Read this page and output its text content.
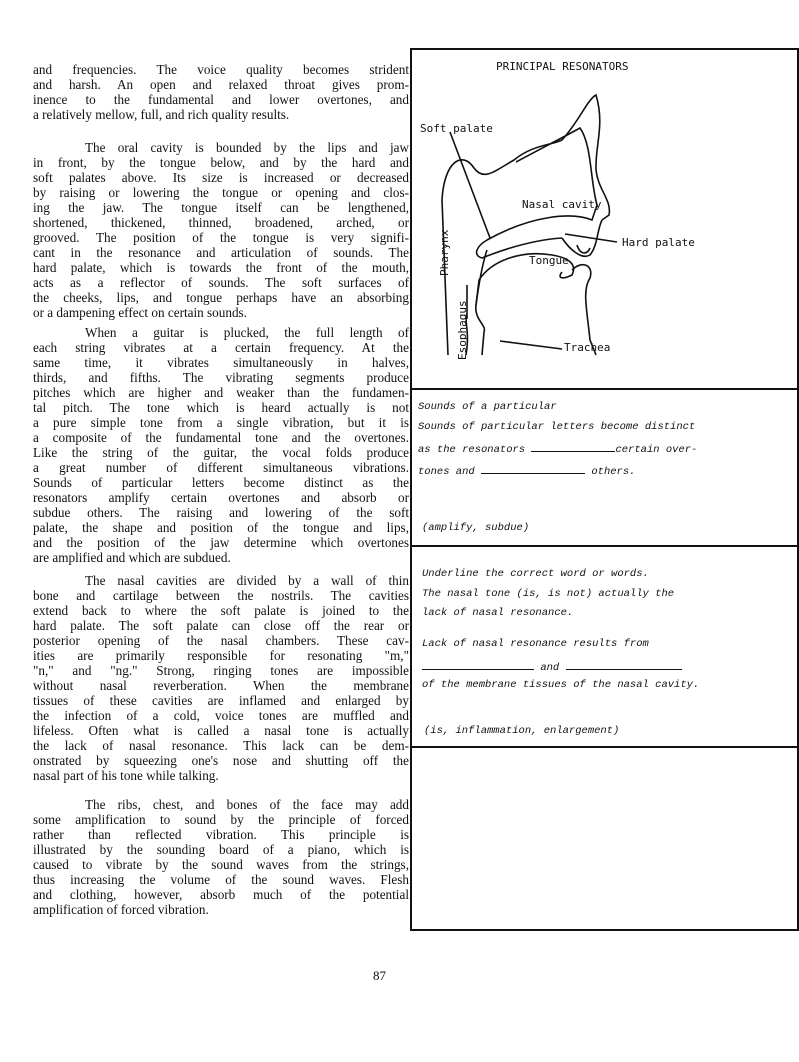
and frequencies. The voice quality becomes strident
and harsh. An open and relaxed throat gives prom-
inence to the fundamental and lower overtones, and
a relatively mellow, full, and rich quality results.
The oral cavity is bounded by the lips and jaw
in front, by the tongue below, and by the hard and
soft palates above. Its size is increased or decreased
by raising or lowering the tongue or opening and clos-
ing the jaw. The tongue itself can be lengthened,
shortened, thickened, thinned, broadened, arched, or
grooved. The position of the tongue is very signifi-
cant in the resonance and articulation of sounds. The
hard palate, which is towards the front of the mouth,
acts as a reflector of sounds. The soft surfaces of
the cheeks, lips, and tongue perhaps have an absorbing
or a dampening effect on certain sounds.
When a guitar is plucked, the full length of
each string vibrates at a certain frequency. At the
same time, it vibrates simultaneously in halves,
thirds, and fifths. The vibrating segments produce
pitches which are higher and weaker than the fundamen-
tal pitch. The tone which is heard actually is not
a pure simple tone from a single vibration, but it is
a composite of the fundamental tone and the overtones.
Like the string of the guitar, the vocal folds produce
a great number of different simultaneous vibrations.
Sounds of particular letters become distinct as the
resonators amplify certain overtones and absorb or
subdue others. The raising and lowering of the soft
palate, the shape and position of the tongue and lips,
and the position of the jaw determine which overtones
are amplified and which are subdued.
The nasal cavities are divided by a wall of thin
bone and cartilage between the nostrils. The cavities
extend back to where the soft palate is joined to the
hard palate. The soft palate can close off the rear or
posterior opening of the nasal chambers. These cav-
ities are primarily responsible for resonating "m,"
"n," and "ng." Strong, ringing tones are impossible
without nasal reverberation. When the membrane
tissues of these cavities are inflamed and enlarged by
the infection of a cold, voice tones are muffled and
lifeless. Often what is called a nasal tone is actually
the lack of nasal resonance. This lack can be dem-
onstrated by squeezing one's nose and shutting off the
nasal part of his tone while talking.
The ribs, chest, and bones of the face may add
some amplification to sound by the principle of forced
rather than reflected vibration. This principle is
illustrated by the sounding board of a piano, which is
caused to vibrate by the sound waves from the strings,
thus increasing the volume of the sound waves. Flesh
and clothing, however, absorb much of the potential
amplification of forced vibration.
87
PRINCIPAL RESONATORS
Soft palate
Nasal cavity
Hard palate
Tongue
Pharynx
Esophagus	Trachea
Sounds of a particular
Sounds of particular letters become distinct
as the resonators	certain over-
tones and	others.
(amplify, subdue)
Underline the correct word or words.
The nasal tone (is, is not) actually the
lack of nasal resonance.
Lack of nasal resonance results from
and
of the membrane tissues of the nasal cavity.
(is, inflammation, enlargement)
